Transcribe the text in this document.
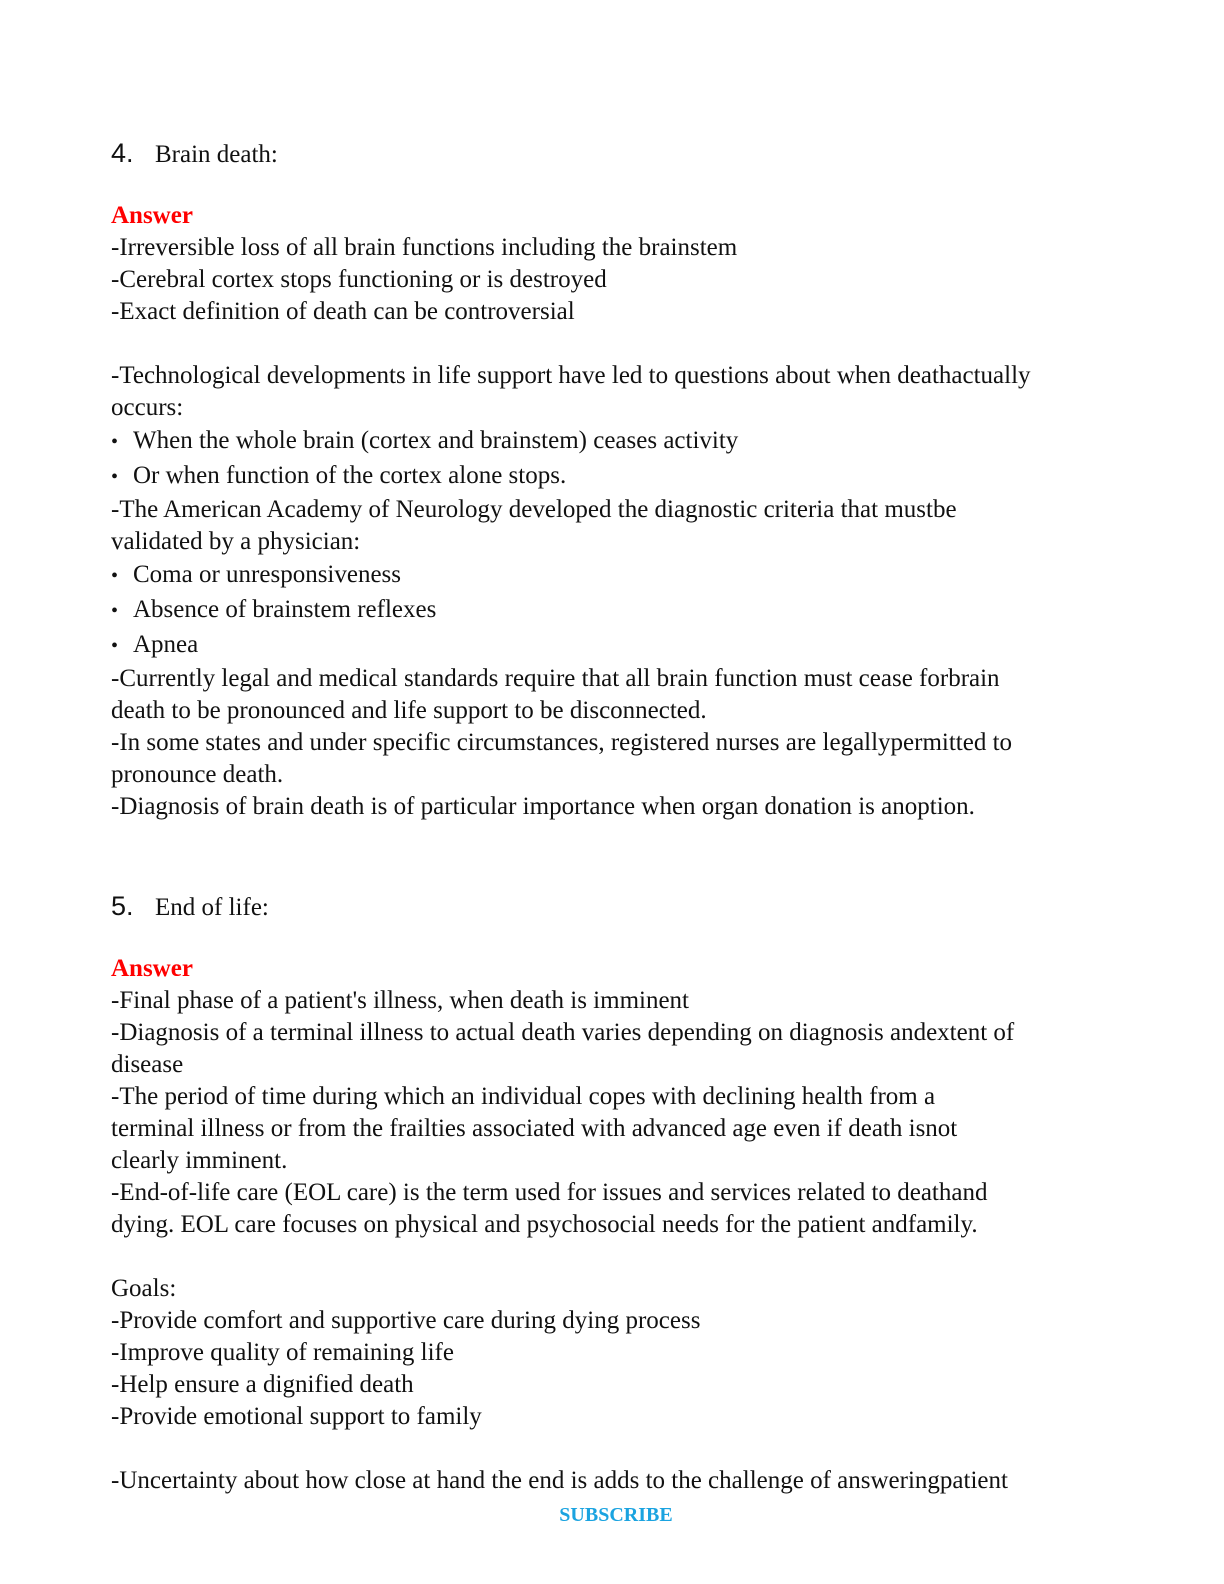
4. Brain death:
Answer
-Irreversible loss of all brain functions including the brainstem
-Cerebral cortex stops functioning or is destroyed
-Exact definition of death can be controversial
-Technological developments in life support have led to questions about when deathactually
occurs:
• When the whole brain (cortex and brainstem) ceases activity
• Or when function of the cortex alone stops.
-The American Academy of Neurology developed the diagnostic criteria that mustbe
validated by a physician:
• Coma or unresponsiveness
• Absence of brainstem reflexes
• Apnea
-Currently legal and medical standards require that all brain function must cease forbrain
death to be pronounced and life support to be disconnected.
-In some states and under specific circumstances, registered nurses are legallypermitted to
pronounce death.
-Diagnosis of brain death is of particular importance when organ donation is anoption.
5. End of life:
Answer
-Final phase of a patient's illness, when death is imminent
-Diagnosis of a terminal illness to actual death varies depending on diagnosis andextent of
disease
-The period of time during which an individual copes with declining health from a
terminal illness or from the frailties associated with advanced age even if death isnot
clearly imminent.
-End-of-life care (EOL care) is the term used for issues and services related to deathand
dying. EOL care focuses on physical and psychosocial needs for the patient andfamily.
Goals:
-Provide comfort and supportive care during dying process
-Improve quality of remaining life
-Help ensure a dignified death
-Provide emotional support to family
-Uncertainty about how close at hand the end is adds to the challenge of answeringpatient
SUBSCRIBE
